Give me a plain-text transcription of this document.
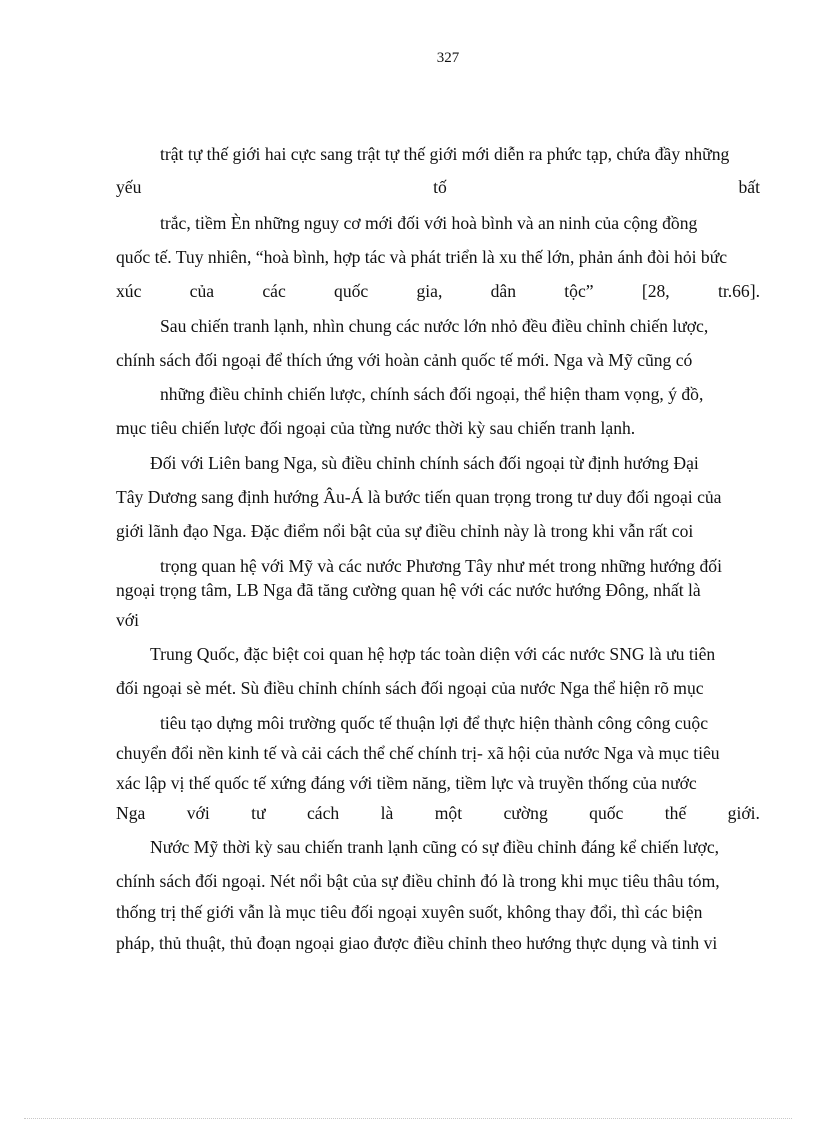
327
trật tự thế giới hai cực sang trật tự thế giới mới diễn ra phức tạp, chứa đầy những
yếu	tố	bất
trắc, tiềm Èn những nguy cơ mới đối với hoà bình và an ninh của cộng đồng
quốc tế. Tuy nhiên, “hoà bình, hợp tác và phát triển là xu thế lớn, phản ánh đòi hỏi bức
xúc	của	các	quốc	gia,	dân	tộc”	[28,	tr.66].
Sau chiến tranh lạnh, nhìn chung các nước lớn nhỏ đều điều chỉnh chiến lược,
chính sách đối ngoại để thích ứng với hoàn cảnh quốc tế mới. Nga và Mỹ cũng có
những điều chỉnh chiến lược, chính sách đối ngoại, thể hiện tham vọng, ý đồ,
mục tiêu chiến lược đối ngoại của từng nước thời kỳ sau chiến tranh lạnh.
Đối với Liên bang Nga, sù điều chỉnh chính sách đối ngoại từ định hướng Đại
Tây Dương sang định hướng Âu-Á là bước tiến quan trọng trong tư duy đối ngoại của
giới lãnh đạo Nga. Đặc điểm nổi bật của sự điều chỉnh này là trong khi vẫn rất coi
trọng quan hệ với Mỹ và các nước Phương Tây như mét trong những hướng đối
ngoại trọng tâm, LB Nga đã tăng cường quan hệ với các nước hướng Đông, nhất là
với
Trung Quốc, đặc biệt coi quan hệ hợp tác toàn diện với các nước SNG là ưu tiên
đối ngoại sè mét. Sù điều chỉnh chính sách đối ngoại của nước Nga thể hiện rõ mục
tiêu tạo dựng môi trường quốc tế thuận lợi để thực hiện thành công công cuộc
chuyển đổi nền kinh tế và cải cách thể chế chính trị- xã hội của nước Nga và mục tiêu
xác lập vị thế quốc tế xứng đáng với tiềm năng, tiềm lực và truyền thống của nước
Nga với tư cách là một cường quốc thế giới.
Nước Mỹ thời kỳ sau chiến tranh lạnh cũng có sự điều chỉnh đáng kể chiến lược,
chính sách đối ngoại. Nét nổi bật của sự điều chỉnh đó là trong khi mục tiêu thâu tóm,
thống trị thế giới vẫn là mục tiêu đối ngoại xuyên suốt, không thay đổi, thì các biện
pháp, thủ thuật, thủ đoạn ngoại giao được điều chỉnh theo hướng thực dụng và tinh vi
